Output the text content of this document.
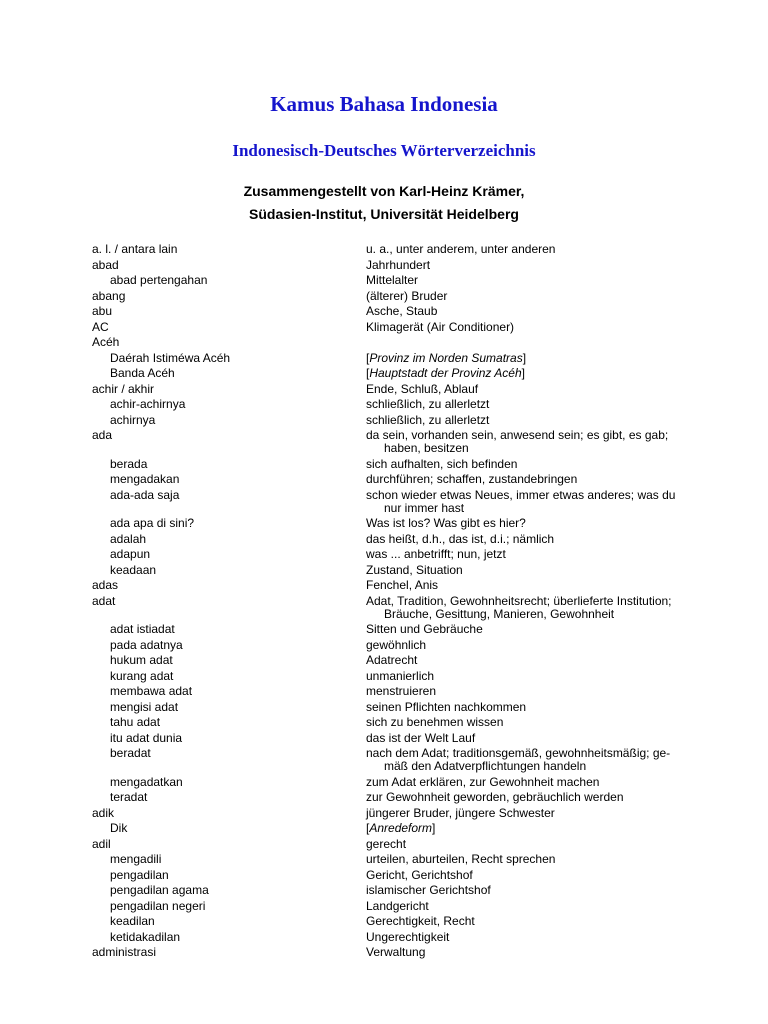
Kamus Bahasa Indonesia
Indonesisch-Deutsches Wörterverzeichnis

Zusammengestellt von Karl-Heinz Krämer,

Südasien-Institut, Universität Heidelberg

a. l. / antara lain	u. a., unter anderem, unter anderen
abad	Jahrhundert
abad pertengahan	Mittelalter
abang	(älterer) Bruder
abu	Asche, Staub
AC	Klimagerät (Air Conditioner)
Acéh
Daérah Istiméwa Acéh	[Provinz im Norden Sumatras]
Banda Acéh	[Hauptstadt der Provinz Acéh]
achir / akhir	Ende, Schluß, Ablauf
achir-achirnya	schließlich, zu allerletzt
achirnya	schließlich, zu allerletzt
ada	da sein, vorhanden sein, anwesend sein; es gibt, es gab;
haben, besitzen
berada	sich aufhalten, sich befinden
mengadakan	durchführen; schaffen, zustandebringen
ada-ada saja	schon wieder etwas Neues, immer etwas anderes; was du
nur immer hast
ada apa di sini?	Was ist los? Was gibt es hier?
adalah	das heißt, d.h., das ist, d.i.; nämlich
adapun	was ... anbetrifft; nun, jetzt
keadaan	Zustand, Situation
adas	Fenchel, Anis
adat	Adat, Tradition, Gewohnheitsrecht; überlieferte Institution;
Bräuche, Gesittung, Manieren, Gewohnheit
adat istiadat	Sitten und Gebräuche
pada adatnya	gewöhnlich
hukum adat	Adatrecht
kurang adat	unmanierlich
membawa adat	menstruieren
mengisi adat	seinen Pflichten nachkommen
tahu adat	sich zu benehmen wissen
itu adat dunia	das ist der Welt Lauf
beradat	nach dem Adat; traditionsgemäß, gewohnheitsmäßig; ge-
mäß den Adatverpflichtungen handeln
mengadatkan	zum Adat erklären, zur Gewohnheit machen
teradat	zur Gewohnheit geworden, gebräuchlich werden
adik	jüngerer Bruder, jüngere Schwester
Dik	[Anredeform]
adil	gerecht
mengadili	urteilen, aburteilen, Recht sprechen
pengadilan	Gericht, Gerichtshof
pengadilan agama	islamischer Gerichtshof
pengadilan negeri	Landgericht
keadilan	Gerechtigkeit, Recht
ketidakadilan	Ungerechtigkeit
administrasi	Verwaltung
